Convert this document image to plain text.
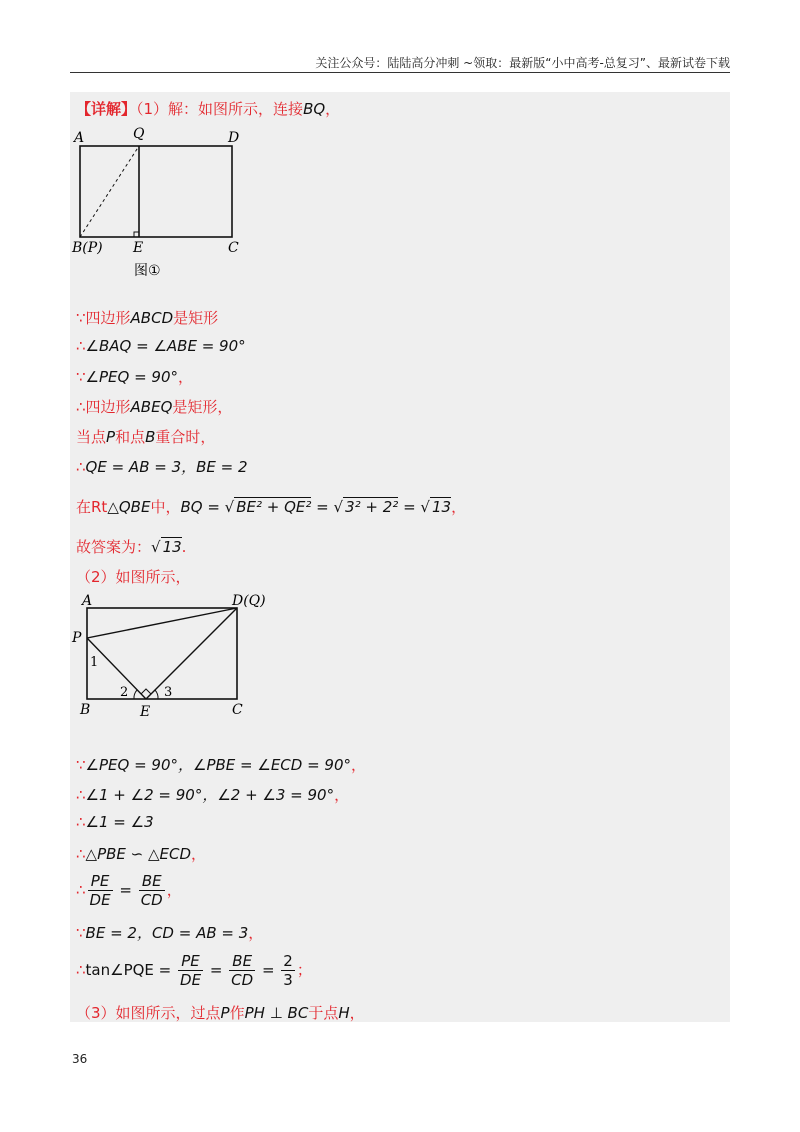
关注公众号：陆陆高分冲刺 ~领取：最新版“小中高考-总复习”、最新试卷下载
【详解】（1）解：如图所示，连接BQ，
A	Q	D
B(P) E	C
图①
∵四边形ABCD是矩形
∴∠BAQ = ∠ABE = 90°
∵∠PEQ = 90°，
∴四边形ABEQ是矩形，
当点P和点B重合时，
∴QE = AB = 3，BE = 2
在Rt△QBE中，BQ = √ BE² + QE² = √ 3² + 2² = √ 13，
故答案为：√ 13.
（2）如图所示，
A	D(Q)
P
1
2	3
B	E	C
∵∠PEQ = 90°，∠PBE = ∠ECD = 90°，
∴∠1 + ∠2 = 90°，∠2 + ∠3 = 90°，
∴∠1 = ∠3
∴△PBE ∽ △ECD，
∴ $\frac{PE}{DE} = \frac{BE}{CD}$ ，
∵BE = 2，CD = AB = 3，
∴tan∠PQE = $\frac{PE}{DE} = \frac{BE}{CD} = \frac{2}{3}$ ；
（3）如图所示，过点P作PH ⊥ BC于点H，
36
